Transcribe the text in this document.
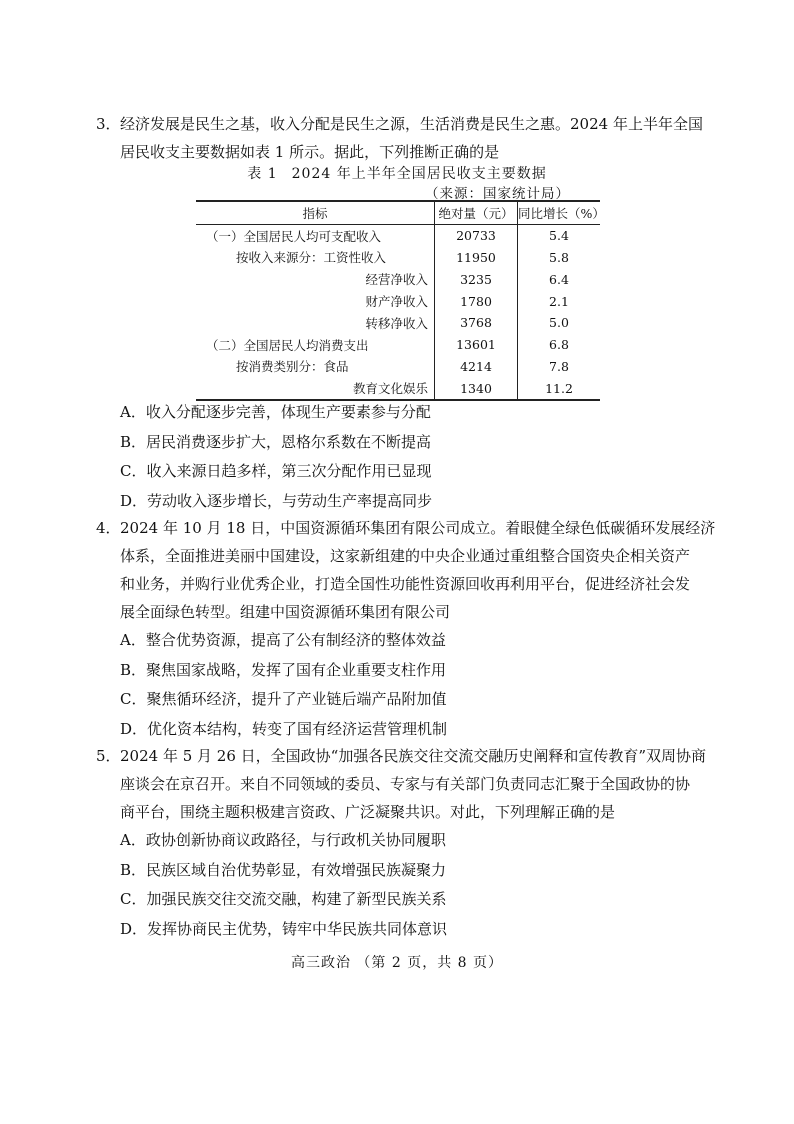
3．经济发展是民生之基，收入分配是民生之源，生活消费是民生之惠。2024 年上半年全国
居民收支主要数据如表 1 所示。据此，下列推断正确的是
表 1 2024 年上半年全国居民收支主要数据
（来源：国家统计局）
指标	绝对量（元）	同比增长（%）
（一）全国居民人均可支配收入	20733	5.4
按收入来源分：工资性收入	11950	5.8
经营净收入	3235	6.4
财产净收入	1780	2.1
转移净收入	3768	5.0
（二）全国居民人均消费支出	13601	6.8
按消费类别分：食品	4214	7.8
教育文化娱乐	1340	11.2
A．收入分配逐步完善，体现生产要素参与分配
B．居民消费逐步扩大，恩格尔系数在不断提高
C．收入来源日趋多样，第三次分配作用已显现
D．劳动收入逐步增长，与劳动生产率提高同步
4．2024 年 10 月 18 日，中国资源循环集团有限公司成立。着眼健全绿色低碳循环发展经济
体系，全面推进美丽中国建设，这家新组建的中央企业通过重组整合国资央企相关资产
和业务，并购行业优秀企业，打造全国性功能性资源回收再利用平台，促进经济社会发
展全面绿色转型。组建中国资源循环集团有限公司
A．整合优势资源，提高了公有制经济的整体效益
B．聚焦国家战略，发挥了国有企业重要支柱作用
C．聚焦循环经济，提升了产业链后端产品附加值
D．优化资本结构，转变了国有经济运营管理机制
5．2024 年 5 月 26 日，全国政协“加强各民族交往交流交融历史阐释和宣传教育”双周协商
座谈会在京召开。来自不同领域的委员、专家与有关部门负责同志汇聚于全国政协的协
商平台，围绕主题积极建言资政、广泛凝聚共识。对此，下列理解正确的是
A．政协创新协商议政路径，与行政机关协同履职
B．民族区域自治优势彰显，有效增强民族凝聚力
C．加强民族交往交流交融，构建了新型民族关系
D．发挥协商民主优势，铸牢中华民族共同体意识
高三政治 （第 2 页，共 8 页）
